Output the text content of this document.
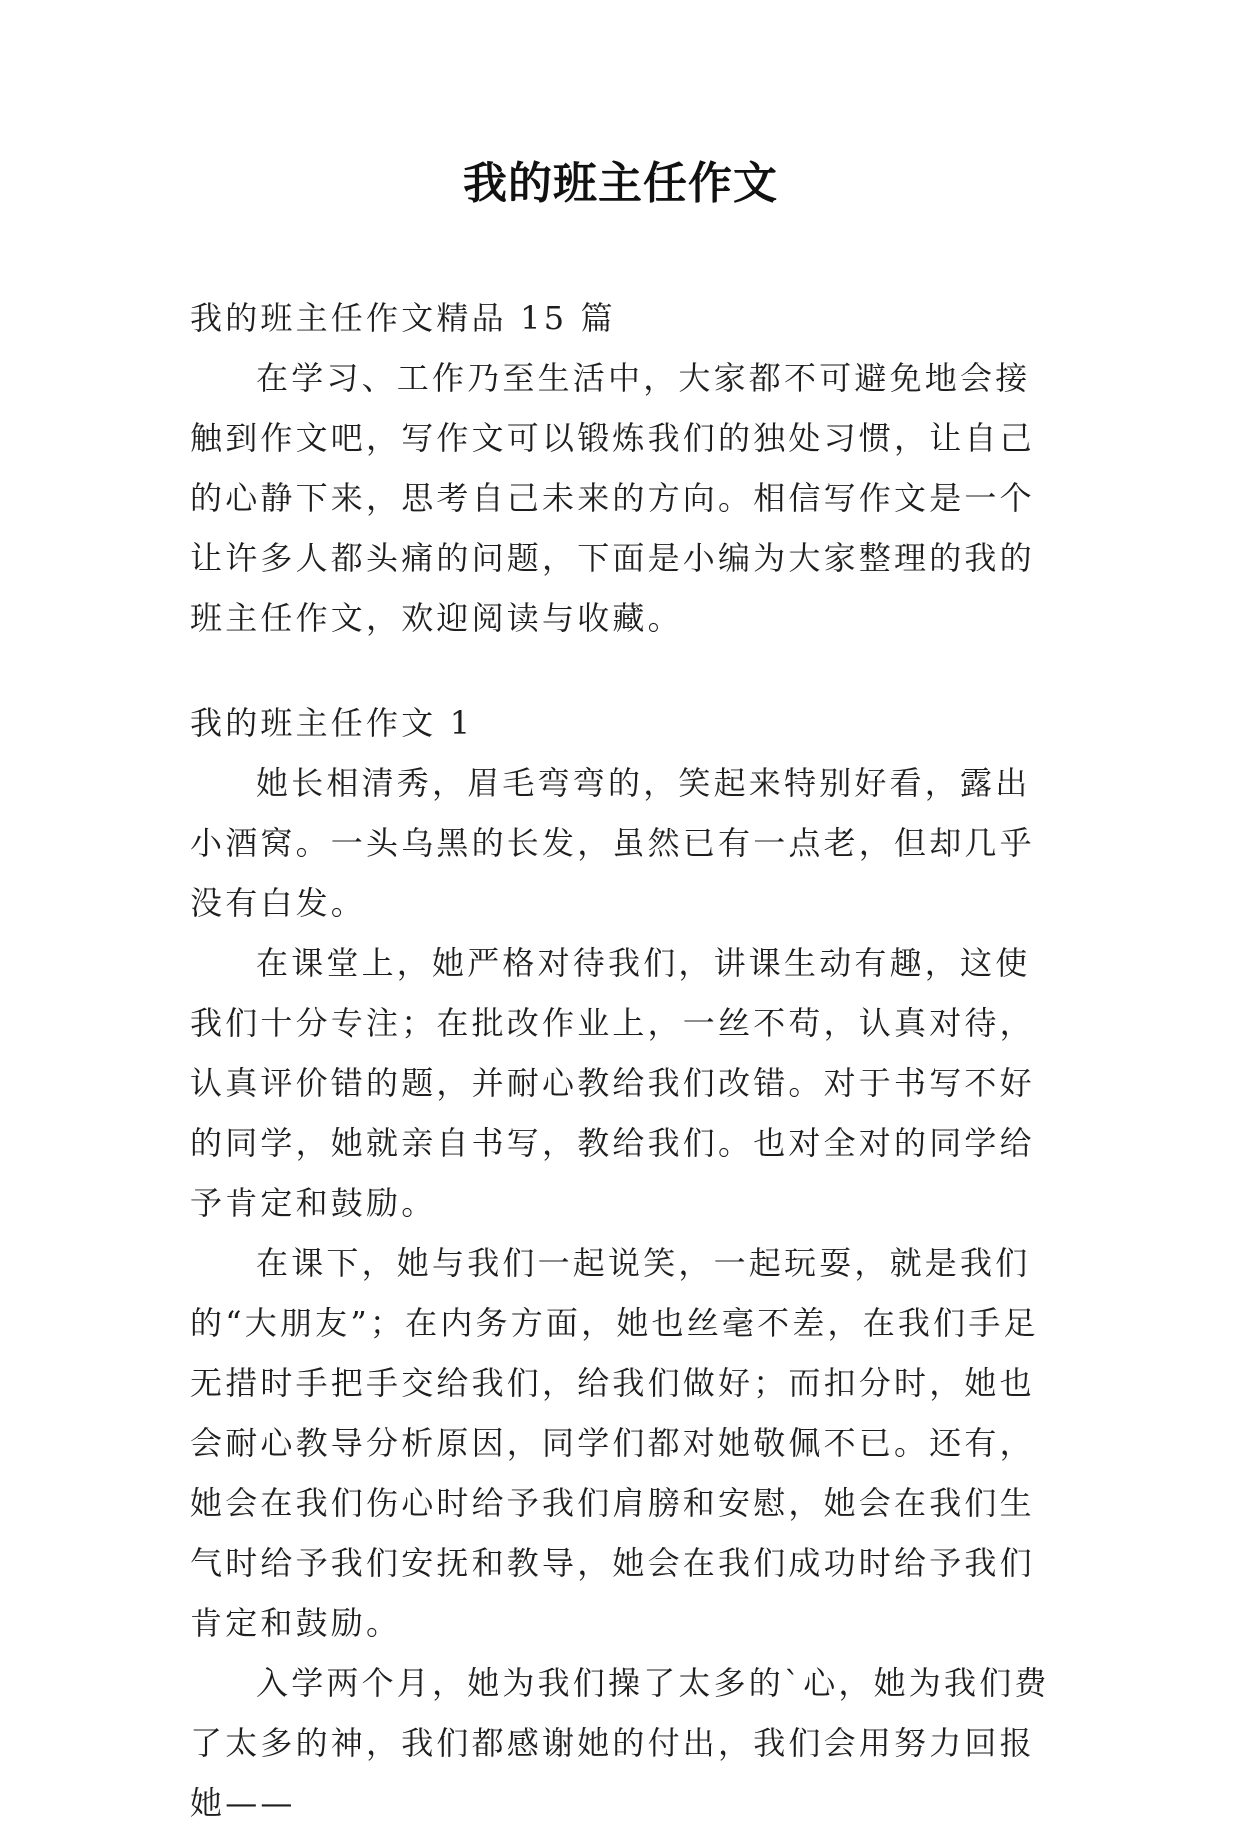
我的班主任作文
我的班主任作文精品 15 篇
在学习、工作乃至生活中，大家都不可避免地会接触到作文吧，写作文可以锻炼我们的独处习惯，让自己的心静下来，思考自己未来的方向。相信写作文是一个让许多人都头痛的问题，下面是小编为大家整理的我的班主任作文，欢迎阅读与收藏。
我的班主任作文 1

她长相清秀，眉毛弯弯的，笑起来特别好看，露出小酒窝。一头乌黑的长发，虽然已有一点老，但却几乎没有白发。

在课堂上，她严格对待我们，讲课生动有趣，这使我们十分专注；在批改作业上，一丝不苟，认真对待，认真评价错的题，并耐心教给我们改错。对于书写不好的同学，她就亲自书写，教给我们。也对全对的同学给予肯定和鼓励。

在课下，她与我们一起说笑，一起玩耍，就是我们的“大朋友”；在内务方面，她也丝毫不差，在我们手足无措时手把手交给我们，给我们做好；而扣分时，她也会耐心教导分析原因，同学们都对她敬佩不已。还有，她会在我们伤心时给予我们肩膀和安慰，她会在我们生气时给予我们安抚和教导，她会在我们成功时给予我们肯定和鼓励。

入学两个月，她为我们操了太多的`心，她为我们费了太多的神，我们都感谢她的付出，我们会用努力回报她——
